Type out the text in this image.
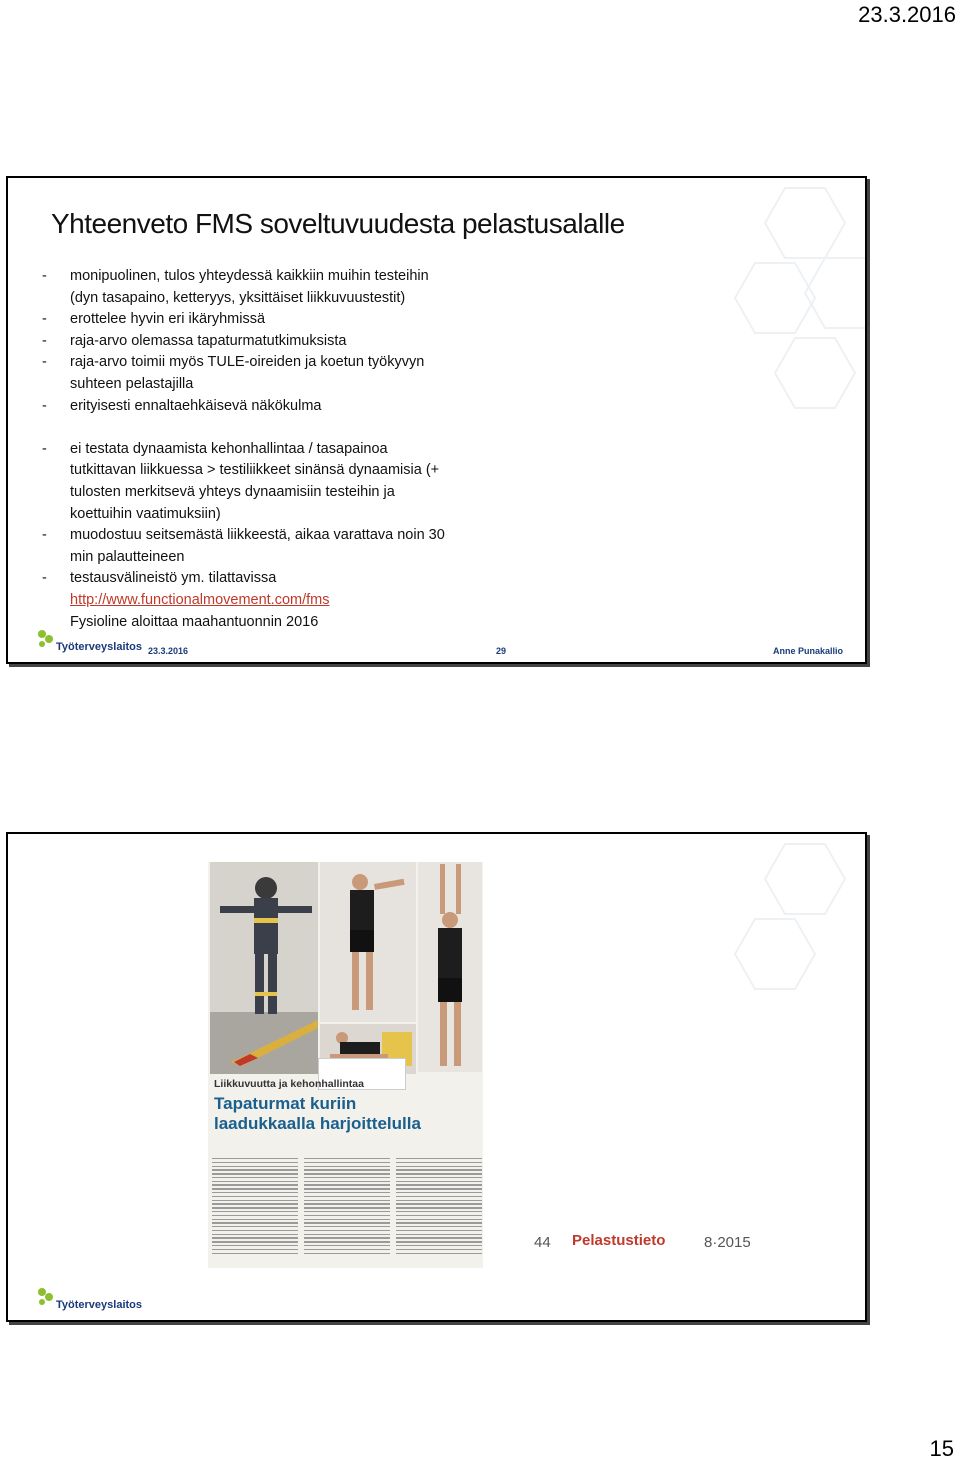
23.3.2016
Yhteenveto FMS soveltuvuudesta pelastusalalle
- monipuolinen, tulos yhteydessä kaikkiin muihin testeihin
(dyn tasapaino, ketteryys, yksittäiset liikkuvuustestit)
- erottelee hyvin eri ikäryhmissä
- raja-arvo olemassa tapaturmatutkimuksista
- raja-arvo toimii myös TULE-oireiden ja koetun työkyvyn
suhteen pelastajilla
- erityisesti ennaltaehkäisevä näkökulma
- ei testata dynaamista kehonhallintaa / tasapainoa
tutkittavan liikkuessa > testiliikkeet sinänsä dynaamisia (+
tulosten merkitsevä yhteys dynaamisiin testeihin ja
koettuihin vaatimuksiin)
- muodostuu seitsemästä liikkeestä, aikaa varattava noin 30
min palautteineen
- testausvälineistö ym. tilattavissa
http://www.functionalmovement.com/fms
Fysioline aloittaa maahantuonnin 2016
Työterveyslaitos 23.3.2016	29	Anne Punakallio
Liikkuvuutta ja kehonhallintaa
Tapaturmat kuriin
laadukkaalla harjoittelulla
44 Pelastustieto	8·2015
Työterveyslaitos
15
